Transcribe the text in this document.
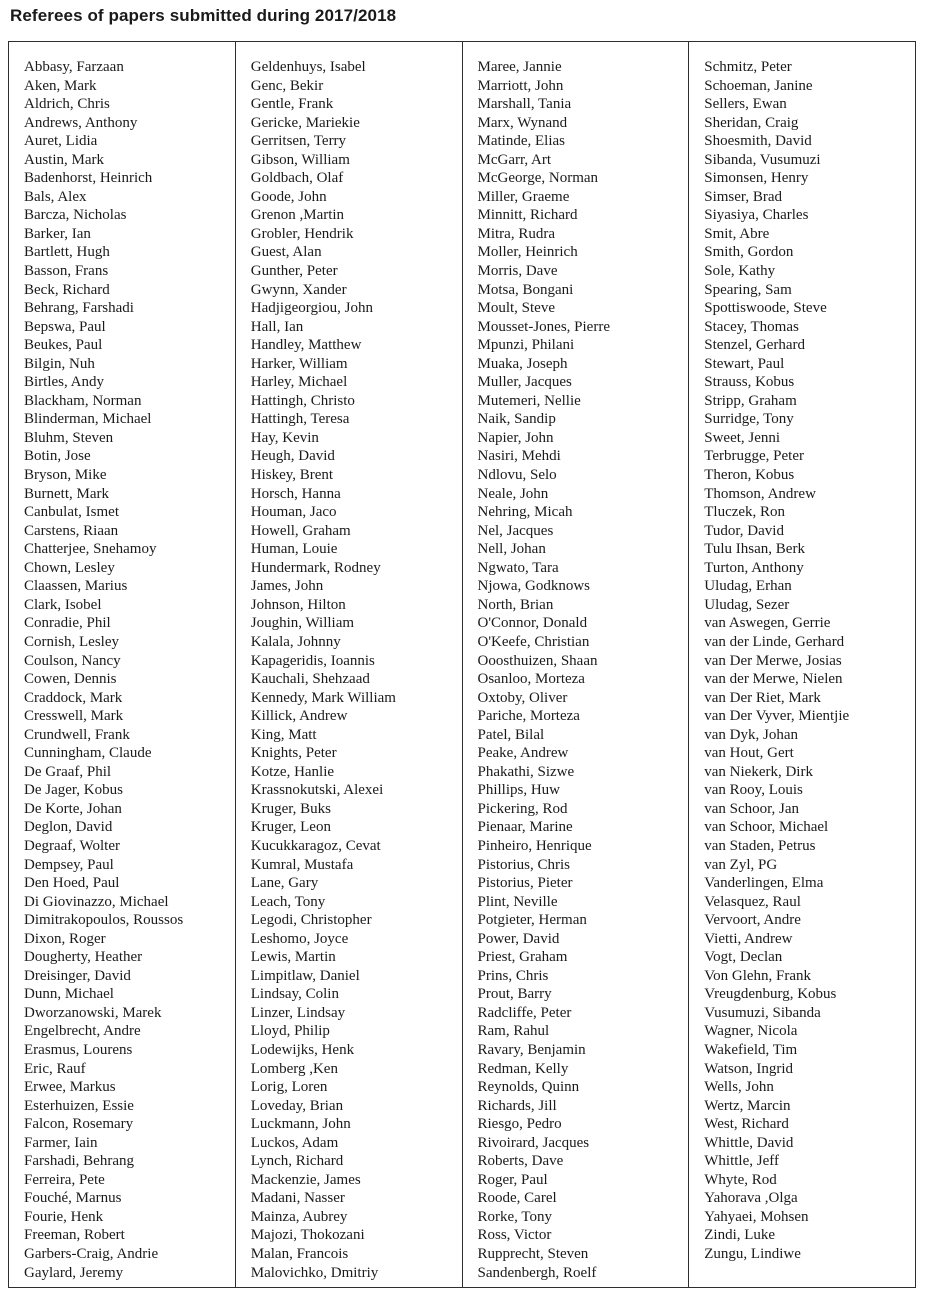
Referees of papers submitted during 2017/2018
Abbasy, Farzaan
Aken, Mark
Aldrich, Chris
Andrews, Anthony
Auret, Lidia
Austin, Mark
Badenhorst, Heinrich
Bals, Alex
Barcza, Nicholas
Barker, Ian
Bartlett, Hugh
Basson, Frans
Beck, Richard
Behrang, Farshadi
Bepswa, Paul
Beukes, Paul
Bilgin, Nuh
Birtles, Andy
Blackham, Norman
Blinderman, Michael
Bluhm, Steven
Botin, Jose
Bryson, Mike
Burnett, Mark
Canbulat, Ismet
Carstens, Riaan
Chatterjee, Snehamoy
Chown, Lesley
Claassen, Marius
Clark, Isobel
Conradie, Phil
Cornish, Lesley
Coulson, Nancy
Cowen, Dennis
Craddock, Mark
Cresswell, Mark
Crundwell, Frank
Cunningham, Claude
De Graaf, Phil
De Jager, Kobus
De Korte, Johan
Deglon, David
Degraaf, Wolter
Dempsey, Paul
Den Hoed, Paul
Di Giovinazzo, Michael
Dimitrakopoulos, Roussos
Dixon, Roger
Dougherty, Heather
Dreisinger, David
Dunn, Michael
Dworzanowski, Marek
Engelbrecht, Andre
Erasmus, Lourens
Eric, Rauf
Erwee, Markus
Esterhuizen, Essie
Falcon, Rosemary
Farmer, Iain
Farshadi, Behrang
Ferreira, Pete
Fouché, Marnus
Fourie, Henk
Freeman, Robert
Garbers-Craig, Andrie
Gaylard, Jeremy
Geldenhuys, Isabel
Genc, Bekir
Gentle, Frank
Gericke, Mariekie
Gerritsen, Terry
Gibson, William
Goldbach, Olaf
Goode, John
Grenon ,Martin
Grobler, Hendrik
Guest, Alan
Gunther, Peter
Gwynn, Xander
Hadjigeorgiou, John
Hall, Ian
Handley, Matthew
Harker, William
Harley, Michael
Hattingh, Christo
Hattingh, Teresa
Hay, Kevin
Heugh, David
Hiskey, Brent
Horsch, Hanna
Houman, Jaco
Howell, Graham
Human, Louie
Hundermark, Rodney
James, John
Johnson, Hilton
Joughin, William
Kalala, Johnny
Kapageridis, Ioannis
Kauchali, Shehzaad
Kennedy, Mark William
Killick, Andrew
King, Matt
Knights, Peter
Kotze, Hanlie
Krassnokutski, Alexei
Kruger, Buks
Kruger, Leon
Kucukkaragoz, Cevat
Kumral, Mustafa
Lane, Gary
Leach, Tony
Legodi, Christopher
Leshomo, Joyce
Lewis, Martin
Limpitlaw, Daniel
Lindsay, Colin
Linzer, Lindsay
Lloyd, Philip
Lodewijks, Henk
Lomberg ,Ken
Lorig, Loren
Loveday, Brian
Luckmann, John
Luckos, Adam
Lynch, Richard
Mackenzie, James
Madani, Nasser
Mainza, Aubrey
Majozi, Thokozani
Malan, Francois
Malovichko, Dmitriy
Maree, Jannie
Marriott, John
Marshall, Tania
Marx, Wynand
Matinde, Elias
McGarr, Art
McGeorge, Norman
Miller, Graeme
Minnitt, Richard
Mitra, Rudra
Moller, Heinrich
Morris, Dave
Motsa, Bongani
Moult, Steve
Mousset-Jones, Pierre
Mpunzi, Philani
Muaka, Joseph
Muller, Jacques
Mutemeri, Nellie
Naik, Sandip
Napier, John
Nasiri, Mehdi
Ndlovu, Selo
Neale, John
Nehring, Micah
Nel, Jacques
Nell, Johan
Ngwato, Tara
Njowa, Godknows
North, Brian
O'Connor, Donald
O'Keefe, Christian
Ooosthuizen, Shaan
Osanloo, Morteza
Oxtoby, Oliver
Pariche, Morteza
Patel, Bilal
Peake, Andrew
Phakathi, Sizwe
Phillips, Huw
Pickering, Rod
Pienaar, Marine
Pinheiro, Henrique
Pistorius, Chris
Pistorius, Pieter
Plint, Neville
Potgieter, Herman
Power, David
Priest, Graham
Prins, Chris
Prout, Barry
Radcliffe, Peter
Ram, Rahul
Ravary, Benjamin
Redman, Kelly
Reynolds, Quinn
Richards, Jill
Riesgo, Pedro
Rivoirard, Jacques
Roberts, Dave
Roger, Paul
Roode, Carel
Rorke, Tony
Ross, Victor
Rupprecht, Steven
Sandenbergh, Roelf
Schmitz, Peter
Schoeman, Janine
Sellers, Ewan
Sheridan, Craig
Shoesmith, David
Sibanda, Vusumuzi
Simonsen, Henry
Simser, Brad
Siyasiya, Charles
Smit, Abre
Smith, Gordon
Sole, Kathy
Spearing, Sam
Spottiswoode, Steve
Stacey, Thomas
Stenzel, Gerhard
Stewart, Paul
Strauss, Kobus
Stripp, Graham
Surridge, Tony
Sweet, Jenni
Terbrugge, Peter
Theron, Kobus
Thomson, Andrew
Tluczek, Ron
Tudor, David
Tulu Ihsan, Berk
Turton, Anthony
Uludag, Erhan
Uludag, Sezer
van Aswegen, Gerrie
van der Linde, Gerhard
van Der Merwe, Josias
van der Merwe, Nielen
van Der Riet, Mark
van Der Vyver, Mientjie
van Dyk, Johan
van Hout, Gert
van Niekerk, Dirk
van Rooy, Louis
van Schoor, Jan
van Schoor, Michael
van Staden, Petrus
van Zyl, PG
Vanderlingen, Elma
Velasquez, Raul
Vervoort, Andre
Vietti, Andrew
Vogt, Declan
Von Glehn, Frank
Vreugdenburg, Kobus
Vusumuzi, Sibanda
Wagner, Nicola
Wakefield, Tim
Watson, Ingrid
Wells, John
Wertz, Marcin
West, Richard
Whittle, David
Whittle, Jeff
Whyte, Rod
Yahorava ,Olga
Yahyaei, Mohsen
Zindi, Luke
Zungu, Lindiwe
